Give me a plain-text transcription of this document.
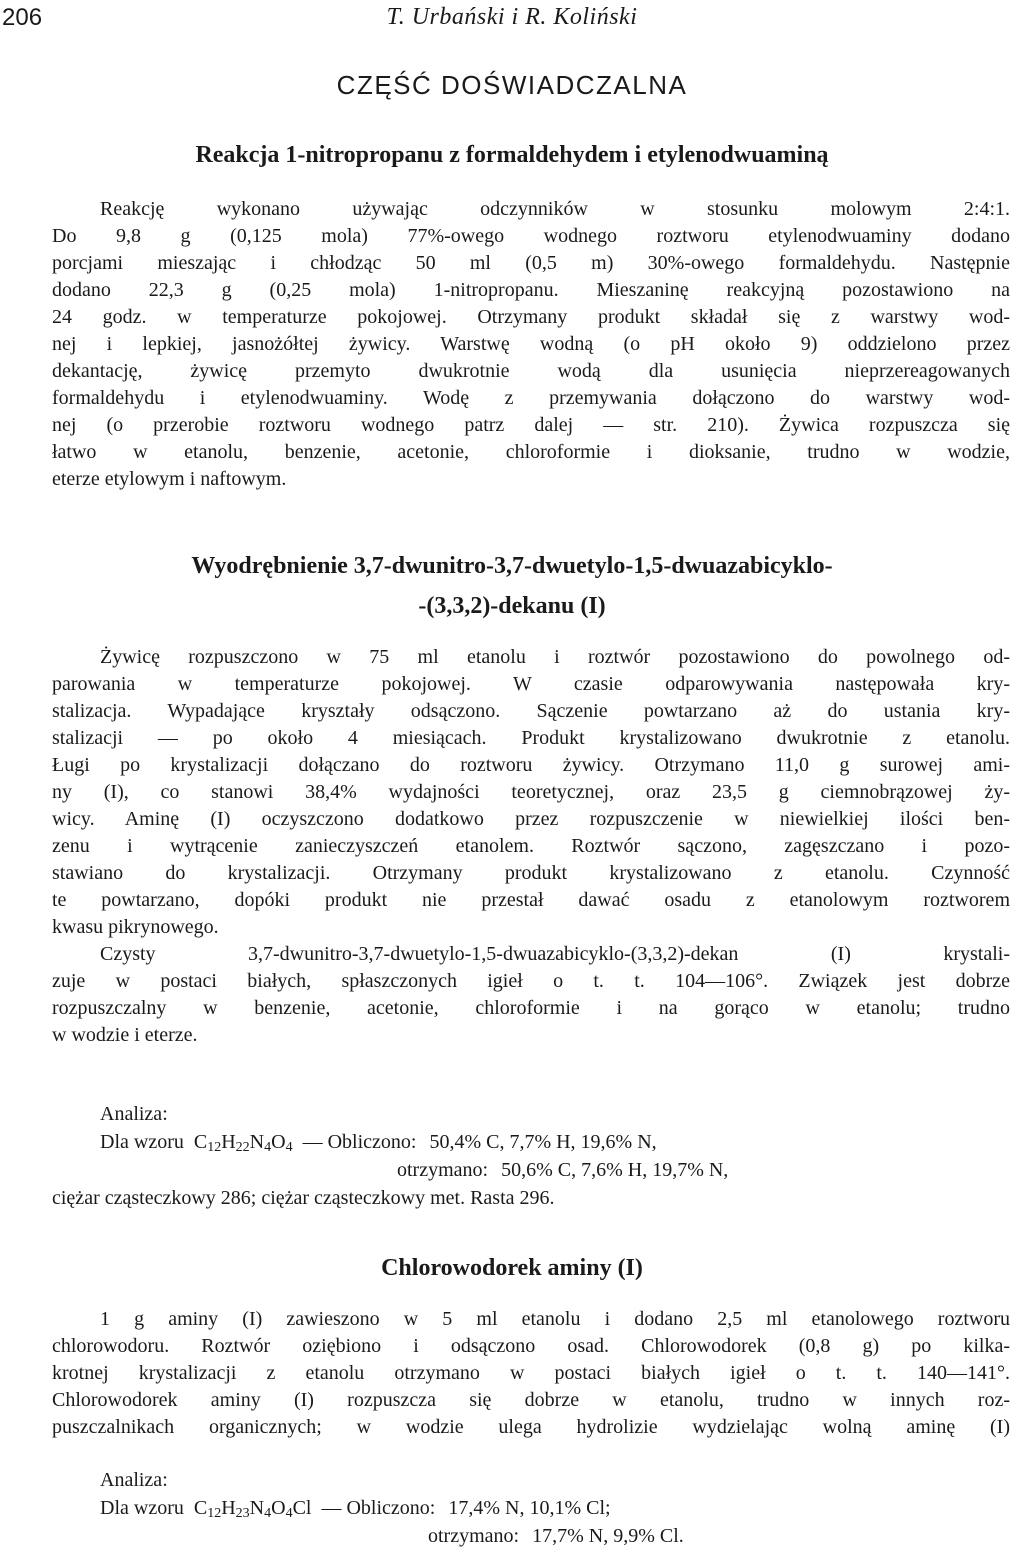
206	T. Urbański i R. Koliński
CZĘŚĆ DOŚWIADCZALNA
Reakcja 1-nitropropanu z formaldehydem i etylenodwuaminą
Reakcję wykonano używając odczynników w stosunku molowym 2:4:1.
Do 9,8 g (0,125 mola) 77%-owego wodnego roztworu etylenodwuaminy dodano
porcjami mieszając i chłodząc 50 ml (0,5 m) 30%-owego formaldehydu. Następnie
dodano 22,3 g (0,25 mola) 1-nitropropanu. Mieszaninę reakcyjną pozostawiono na
24 godz. w temperaturze pokojowej. Otrzymany produkt składał się z warstwy wod-
nej i lepkiej, jasnożółtej żywicy. Warstwę wodną (o pH około 9) oddzielono przez
dekantację, żywicę przemyto dwukrotnie wodą dla usunięcia nieprzereagowanych
formaldehydu i etylenodwuaminy. Wodę z przemywania dołączono do warstwy wod-
nej (o przerobie roztworu wodnego patrz dalej — str. 210). Żywica rozpuszcza się
łatwo w etanolu, benzenie, acetonie, chloroformie i dioksanie, trudno w wodzie,
eterze etylowym i naftowym.
Wyodrębnienie 3,7-dwunitro-3,7-dwuetylo-1,5-dwuazabicyklo-
-(3,3,2)-dekanu (I)
Żywicę rozpuszczono w 75 ml etanolu i roztwór pozostawiono do powolnego od-
parowania w temperaturze pokojowej. W czasie odparowywania następowała kry-
stalizacja. Wypadające kryształy odsączono. Sączenie powtarzano aż do ustania kry-
stalizacji — po około 4 miesiącach. Produkt krystalizowano dwukrotnie z etanolu.
Ługi po krystalizacji dołączano do roztworu żywicy. Otrzymano 11,0 g surowej ami-
ny (I), co stanowi 38,4% wydajności teoretycznej, oraz 23,5 g ciemnobrązowej ży-
wicy. Aminę (I) oczyszczono dodatkowo przez rozpuszczenie w niewielkiej ilości ben-
zenu i wytrącenie zanieczyszczeń etanolem. Roztwór sączono, zagęszczano i pozo-
stawiano do krystalizacji. Otrzymany produkt krystalizowano z etanolu. Czynność
te powtarzano, dopóki produkt nie przestał dawać osadu z etanolowym roztworem
kwasu pikrynowego.
Czysty 3,7-dwunitro-3,7-dwuetylo-1,5-dwuazabicyklo-(3,3,2)-dekan (I) krystali-
zuje w postaci białych, spłaszczonych igieł o t. t. 104—106°. Związek jest dobrze
rozpuszczalny w benzenie, acetonie, chloroformie i na gorąco w etanolu; trudno
w wodzie i eterze.
Analiza:
Dla wzoru  $C_{12}H_{22}N_4O_4$ — Obliczono: 50,4% C, 7,7% H, 19,6% N,
otrzymano: 50,6% C, 7,6% H, 19,7% N,
ciężar cząsteczkowy 286; ciężar cząsteczkowy met. Rasta 296.
Chlorowodorek aminy (I)
1 g aminy (I) zawieszono w 5 ml etanolu i dodano 2,5 ml etanolowego roztworu
chlorowodoru. Roztwór oziębiono i odsączono osad. Chlorowodorek (0,8 g) po kilka-
krotnej krystalizacji z etanolu otrzymano w postaci białych igieł o t. t. 140—141°.
Chlorowodorek aminy (I) rozpuszcza się dobrze w etanolu, trudno w innych roz-
puszczalnikach organicznych; w wodzie ulega hydrolizie wydzielając wolną aminę (I)
Analiza:
Dla wzoru  $C_{12}H_{23}N_4O_4Cl$  — Obliczono: 17,4% N, 10,1% Cl;
otrzymano: 17,7% N, 9,9% Cl.
